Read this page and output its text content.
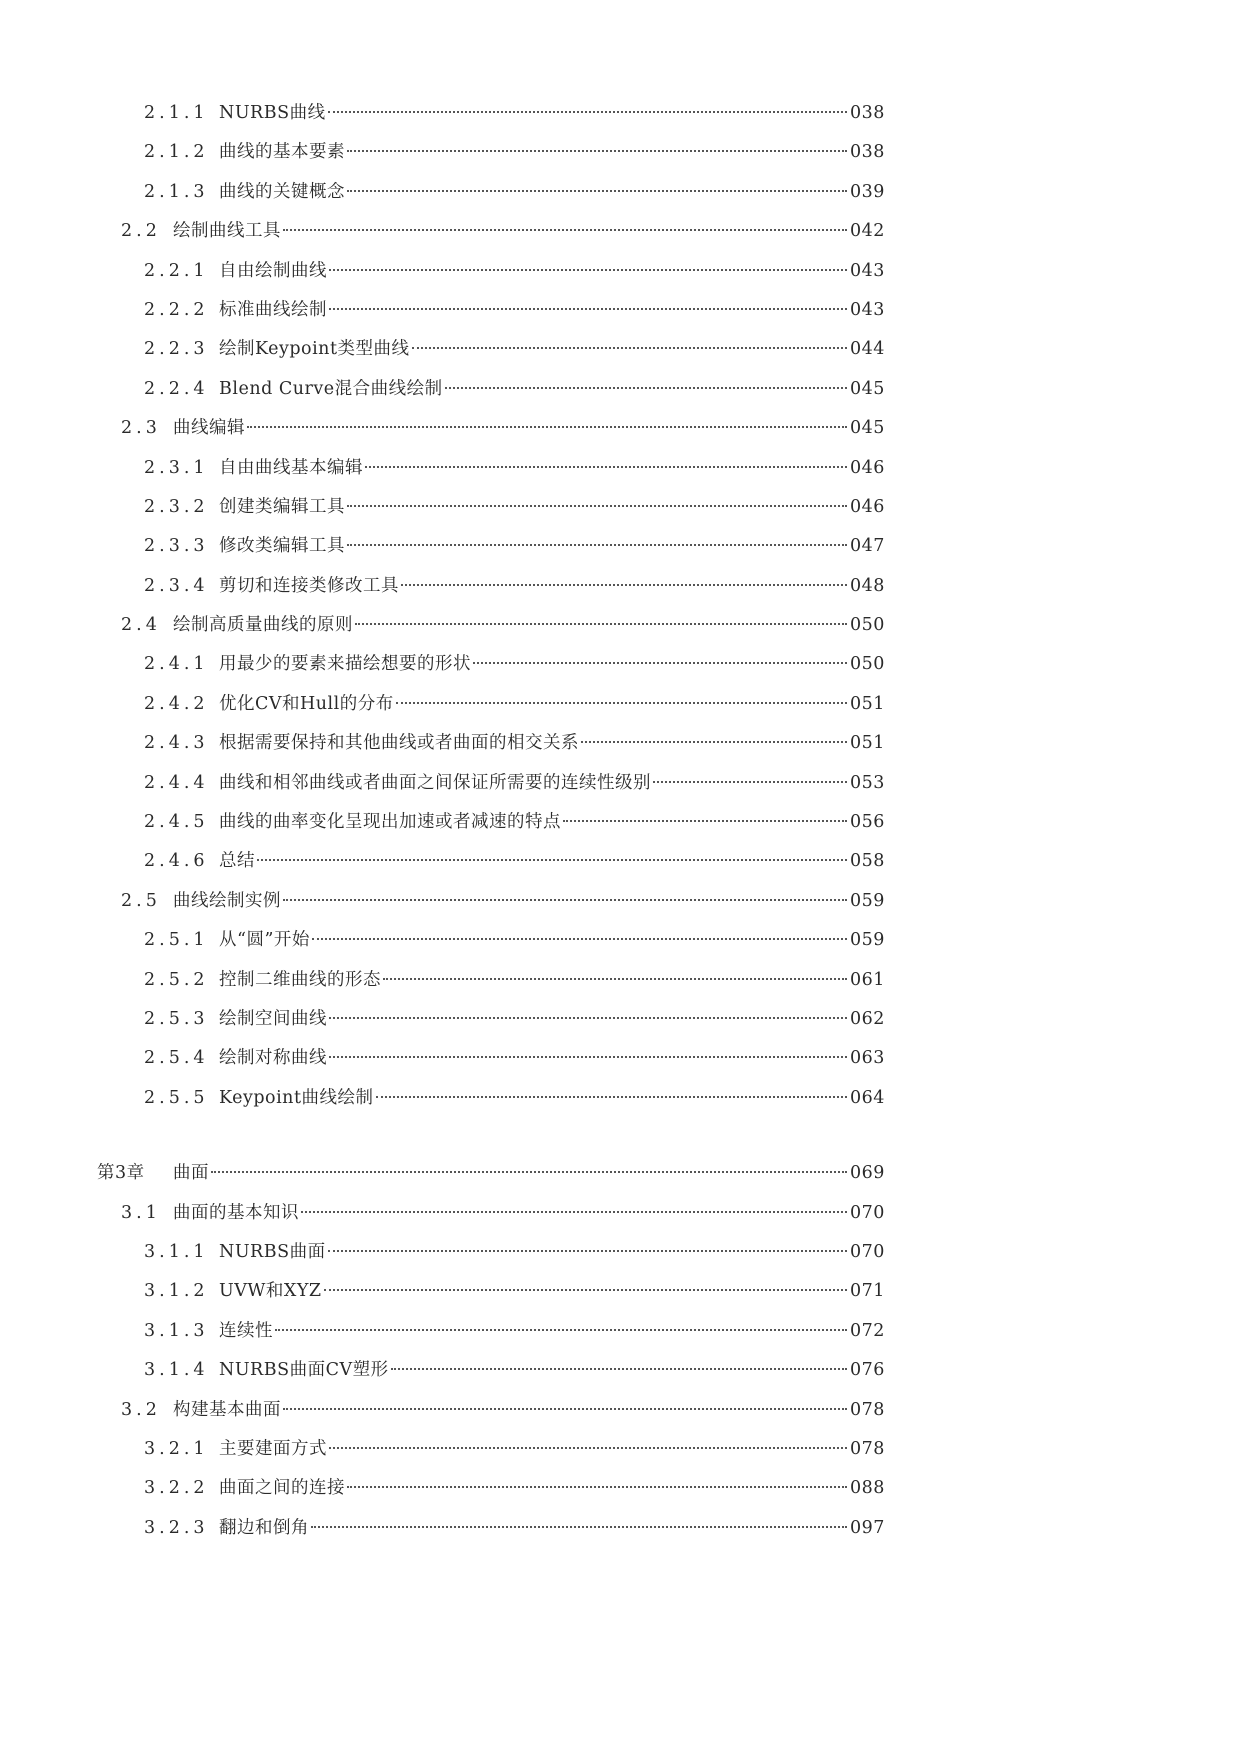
2.1.1 NURBS曲线	038
2.1.2 曲线的基本要素	038
2.1.3 曲线的关键概念	039
2.2 绘制曲线工具	042
2.2.1 自由绘制曲线	043
2.2.2 标准曲线绘制	043
2.2.3 绘制Keypoint类型曲线	044
2.2.4 Blend Curve混合曲线绘制	045
2.3 曲线编辑	045
2.3.1 自由曲线基本编辑	046
2.3.2 创建类编辑工具	046
2.3.3 修改类编辑工具	047
2.3.4 剪切和连接类修改工具	048
2.4 绘制高质量曲线的原则	050
2.4.1 用最少的要素来描绘想要的形状	050
2.4.2 优化CV和Hull的分布	051
2.4.3 根据需要保持和其他曲线或者曲面的相交关系	051
2.4.4 曲线和相邻曲线或者曲面之间保证所需要的连续性级别	053
2.4.5 曲线的曲率变化呈现出加速或者减速的特点	056
2.4.6 总结	058
2.5 曲线绘制实例	059
2.5.1 从“圆”开始	059
2.5.2 控制二维曲线的形态	061
2.5.3 绘制空间曲线	062
2.5.4 绘制对称曲线	063
2.5.5 Keypoint曲线绘制	064
第3章	曲面	069
3.1 曲面的基本知识	070
3.1.1 NURBS曲面	070
3.1.2 UVW和XYZ	071
3.1.3 连续性	072
3.1.4 NURBS曲面CV塑形	076
3.2 构建基本曲面	078
3.2.1 主要建面方式	078
3.2.2 曲面之间的连接	088
3.2.3 翻边和倒角	097
